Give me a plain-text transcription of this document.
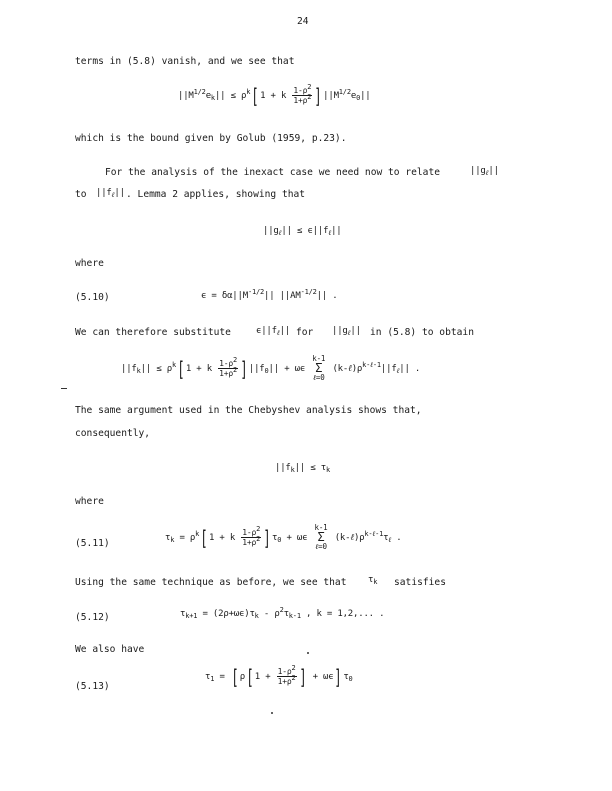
24
terms in (5.8) vanish, and we see that
$||M^{1/2}e_k|| \le \rho^k[1 + k \frac{1-\rho^2}{1+\rho^2} ]||M^{1/2}e_0||$
which is the bound given by Golub (1959, p.23).
For the analysis of the inexact case we need now to relate	$||g_\ell||$
to $||f_\ell||$ . Lemma 2 applies, showing that
$||g_\ell|| \le \epsilon||f_\ell||$
where
(5.10)	$\epsilon = \delta\alpha||M^{-1/2}||$ $||AM^{-1/2}||$ .
We can therefore substitute	$\epsilon||f_\ell||$ for $||g_\ell||$ in (5.8) to obtain
$||f_k|| \le \rho^k[1 + k \frac{1-\rho^2}{1+\rho^2} ]||f_0|| + \omega\epsilon$ k-1
Σ
ℓ=0 $(k-\ell)\rho^{k-\ell-1}||f_\ell||$ .
The same argument used in the Chebyshev analysis shows that,
consequently,
$||f_k|| \le \tau_k$
where
(5.11)	$\tau_k = \rho^k[1 + k \frac{1-\rho^2}{1+\rho^2} ]\tau_0 + \omega\epsilon$ k-1
Σ
ℓ=0 $(k-\ell)\rho^{k-\ell-1}\tau_\ell$ .
Using the same technique as before, we see that $\tau_k$ satisfies
(5.12)	$\tau_{k+1} = (2\rho+\omega\epsilon)\tau_k - \rho^2\tau_{k-1}$ , k = 1,2,... .
We also have
(5.13)
$\tau_1 = [\rho[1 + \frac{1-\rho^2}{1+\rho^2}$ ] + $\omega\epsilon]\tau_0$
